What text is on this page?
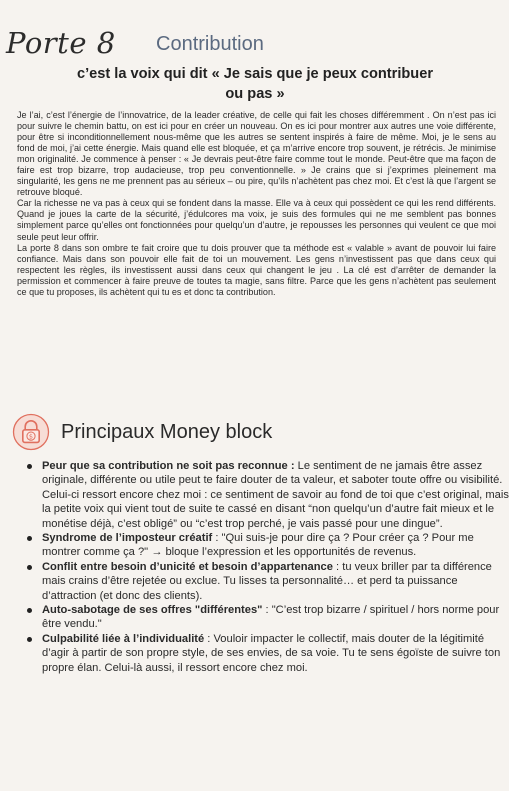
Porte 8 Contribution
c’est la voix qui dit « Je sais que je peux contribuer
ou pas »

Je l’ai, c’est l’énergie de l’innovatrice, de la leader créative, de celle qui fait les choses différemment . On n’est pas ici pour suivre le chemin battu, on est ici pour en créer un nouveau. On es ici pour montrer aux autres une voie différente, pour être si inconditionnellement nous-même que les autres se sentent inspirés à faire de même. Moi, je le sens au fond de moi, j’ai cette énergie. Mais quand elle est bloquée, et ça m’arrive encore trop souvent, je rétrécis. Je minimise mon originalité. Je commence à penser : « Je devrais peut-être faire comme tout le monde. Peut-être que ma façon de faire est trop bizarre, trop audacieuse, trop peu conventionnelle. » Je crains que si j’exprimes pleinement ma singularité, les gens ne me prennent pas au sérieux – ou pire, qu’ils n’achètent pas chez moi. Et c’est là que l’argent se retrouve bloqué.

Car la richesse ne va pas à ceux qui se fondent dans la masse. Elle va à ceux qui possèdent ce qui les rend différents. Quand je joues la carte de la sécurité, j’édulcores ma voix, je suis des formules qui ne me semblent pas bonnes simplement parce qu’elles ont fonctionnées pour quelqu’un d’autre, je repousses les personnes qui veulent ce que moi seule peut leur offrir.

La porte 8 dans son ombre te fait croire que tu dois prouver que ta méthode est « valable » avant de pouvoir lui faire confiance. Mais dans son pouvoir elle fait de toi un mouvement. Les gens n’investissent pas que dans ceux qui respectent les règles, ils investissent aussi dans ceux qui changent le jeu . La clé est d’arrêter de demander la permission et commencer à faire preuve de toutes ta magie, sans filtre. Parce que les gens n’achètent pas seulement ce que tu proposes, ils achètent qui tu es et donc ta contribution.

$ Principaux Money block
Peur que sa contribution ne soit pas reconnue : Le sentiment de ne jamais être assez originale, différente ou utile peut te faire douter de ta valeur, et saboter toute offre ou visibilité. Celui-ci ressort encore chez moi : ce sentiment de savoir au fond de toi que c’est original, mais la petite voix qui vient tout de suite te cassé en disant “non quelqu’un d’autre fait mieux et le monétise déjà, c’est obligé” ou “c’est trop perché, je vais passé pour une dingue”.
Syndrome de l’imposteur créatif : "Qui suis-je pour dire ça ? Pour créer ça ? Pour me montrer comme ça ?" → bloque l’expression et les opportunités de revenus.
Conflit entre besoin d’unicité et besoin d’appartenance : tu veux briller par ta différence mais crains d’être rejetée ou exclue. Tu lisses ta personnalité… et perd ta puissance d’attraction (et donc des clients).
Auto-sabotage de ses offres "différentes" : "C’est trop bizarre / spirituel / hors norme pour être vendu."
Culpabilité liée à l’individualité : Vouloir impacter le collectif, mais douter de la légitimité d’agir à partir de son propre style, de ses envies, de sa voie. Tu te sens égoïste de suivre ton propre élan. Celui-là aussi, il ressort encore chez moi.
